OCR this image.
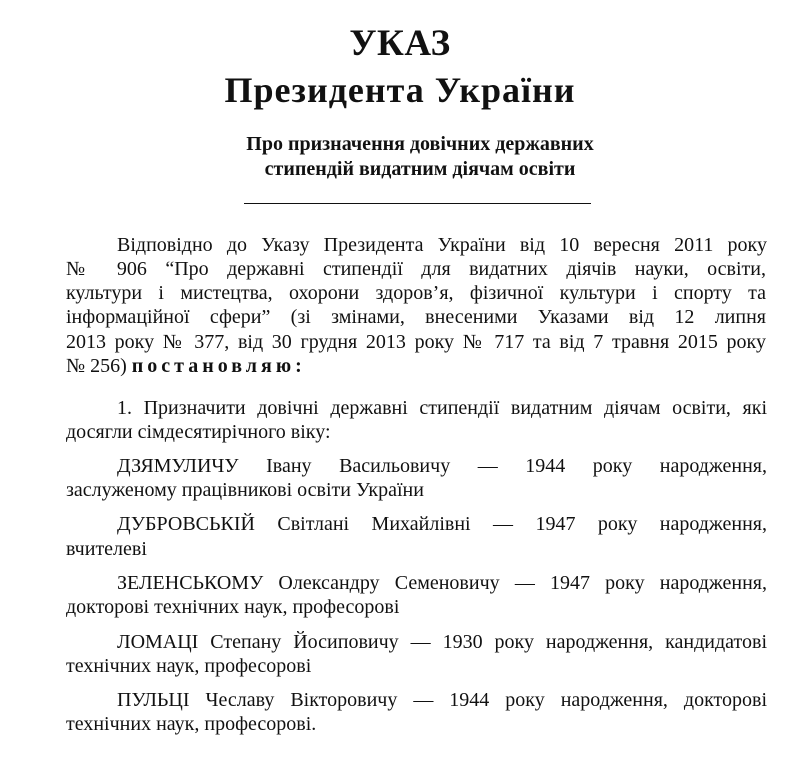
УКАЗ
Президента України
Про призначення довічних державних
стипендій видатним діячам освіти
Відповідно до Указу Президента України від 10 вересня 2011 року
№ 906 “Про державні стипендії для видатних діячів науки, освіти,
культури і мистецтва, охорони здоров’я, фізичної культури і спорту та
інформаційної сфери” (зі змінами, внесеними Указами від 12 липня
2013 року № 377, від 30 грудня 2013 року № 717 та від 7 травня 2015 року
№ 256) постановляю:
1. Призначити довічні державні стипендії видатним діячам освіти, які
досягли сімдесятирічного віку:
ДЗЯМУЛИЧУ Івану Васильовичу — 1944 року народження,
заслуженому працівникові освіти України
ДУБРОВСЬКІЙ Світлані Михайлівні — 1947 року народження,
вчителеві
ЗЕЛЕНСЬКОМУ Олександру Семеновичу — 1947 року народження,
докторові технічних наук, професорові
ЛОМАЦІ Степану Йосиповичу — 1930 року народження, кандидатові
технічних наук, професорові
ПУЛЬЦІ Чеславу Вікторовичу — 1944 року народження, докторові
технічних наук, професорові.
